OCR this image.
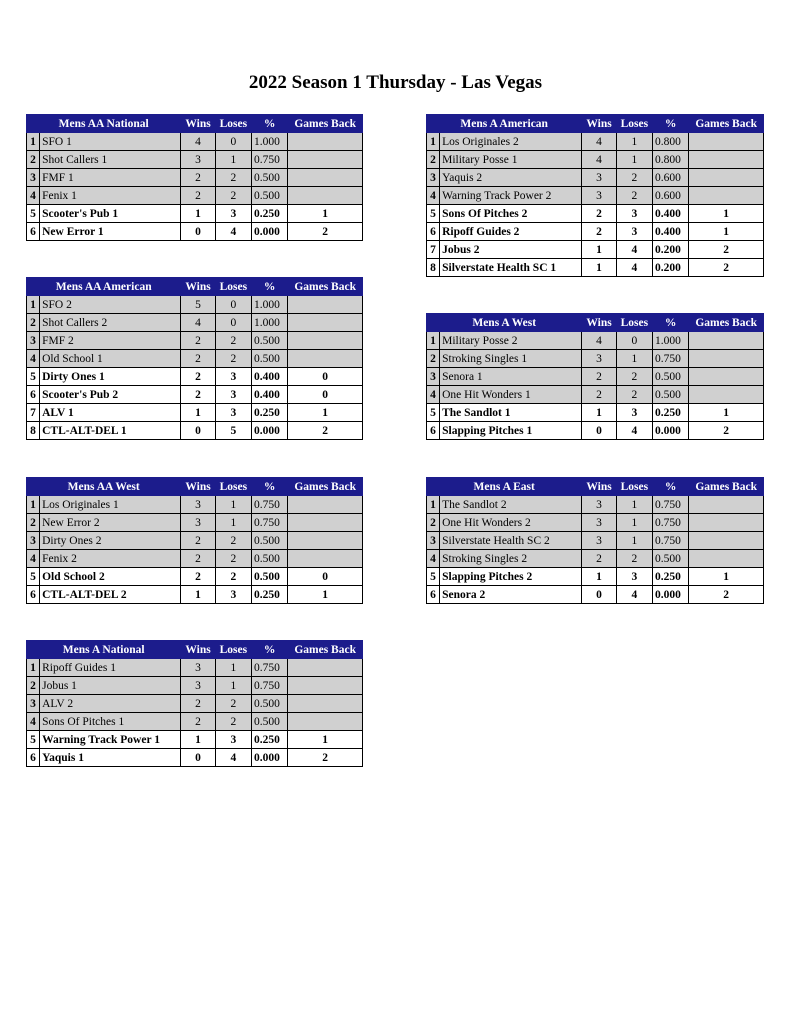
2022 Season 1 Thursday - Las Vegas
Mens AA National		Wins	Loses	%	Games Back
1	SFO 1	4	0	1.000	
2	Shot Callers 1	3	1	0.750	
3	FMF 1	2	2	0.500	
4	Fenix 1	2	2	0.500	
5	Scooter's Pub 1	1	3	0.250	1
6	New Error 1	0	4	0.000	2
Mens AA American		Wins	Loses	%	Games Back
1	SFO 2	5	0	1.000	
2	Shot Callers 2	4	0	1.000	
3	FMF 2	2	2	0.500	
4	Old School 1	2	2	0.500	
5	Dirty Ones 1	2	3	0.400	0
6	Scooter's Pub 2	2	3	0.400	0
7	ALV 1	1	3	0.250	1
8	CTL-ALT-DEL 1	0	5	0.000	2
Mens AA West		Wins	Loses	%	Games Back
1	Los Originales 1	3	1	0.750	
2	New Error 2	3	1	0.750	
3	Dirty Ones 2	2	2	0.500	
4	Fenix 2	2	2	0.500	
5	Old School 2	2	2	0.500	0
6	CTL-ALT-DEL 2	1	3	0.250	1
Mens A National		Wins	Loses	%	Games Back
1	Ripoff Guides 1	3	1	0.750	
2	Jobus 1	3	1	0.750	
3	ALV 2	2	2	0.500	
4	Sons Of Pitches 1	2	2	0.500	
5	Warning Track Power 1	1	3	0.250	1
6	Yaquis 1	0	4	0.000	2
Mens A American		Wins	Loses	%	Games Back
1	Los Originales 2	4	1	0.800	
2	Military Posse 1	4	1	0.800	
3	Yaquis 2	3	2	0.600	
4	Warning Track Power 2	3	2	0.600	
5	Sons Of Pitches 2	2	3	0.400	1
6	Ripoff Guides 2	2	3	0.400	1
7	Jobus 2	1	4	0.200	2
8	Silverstate Health SC 1	1	4	0.200	2
Mens A West		Wins	Loses	%	Games Back
1	Military Posse 2	4	0	1.000	
2	Stroking Singles 1	3	1	0.750	
3	Senora 1	2	2	0.500	
4	One Hit Wonders 1	2	2	0.500	
5	The Sandlot 1	1	3	0.250	1
6	Slapping Pitches 1	0	4	0.000	2
Mens A East		Wins	Loses	%	Games Back
1	The Sandlot 2	3	1	0.750	
2	One Hit Wonders 2	3	1	0.750	
3	Silverstate Health SC 2	3	1	0.750	
4	Stroking Singles 2	2	2	0.500	
5	Slapping Pitches 2	1	3	0.250	1
6	Senora 2	0	4	0.000	2
